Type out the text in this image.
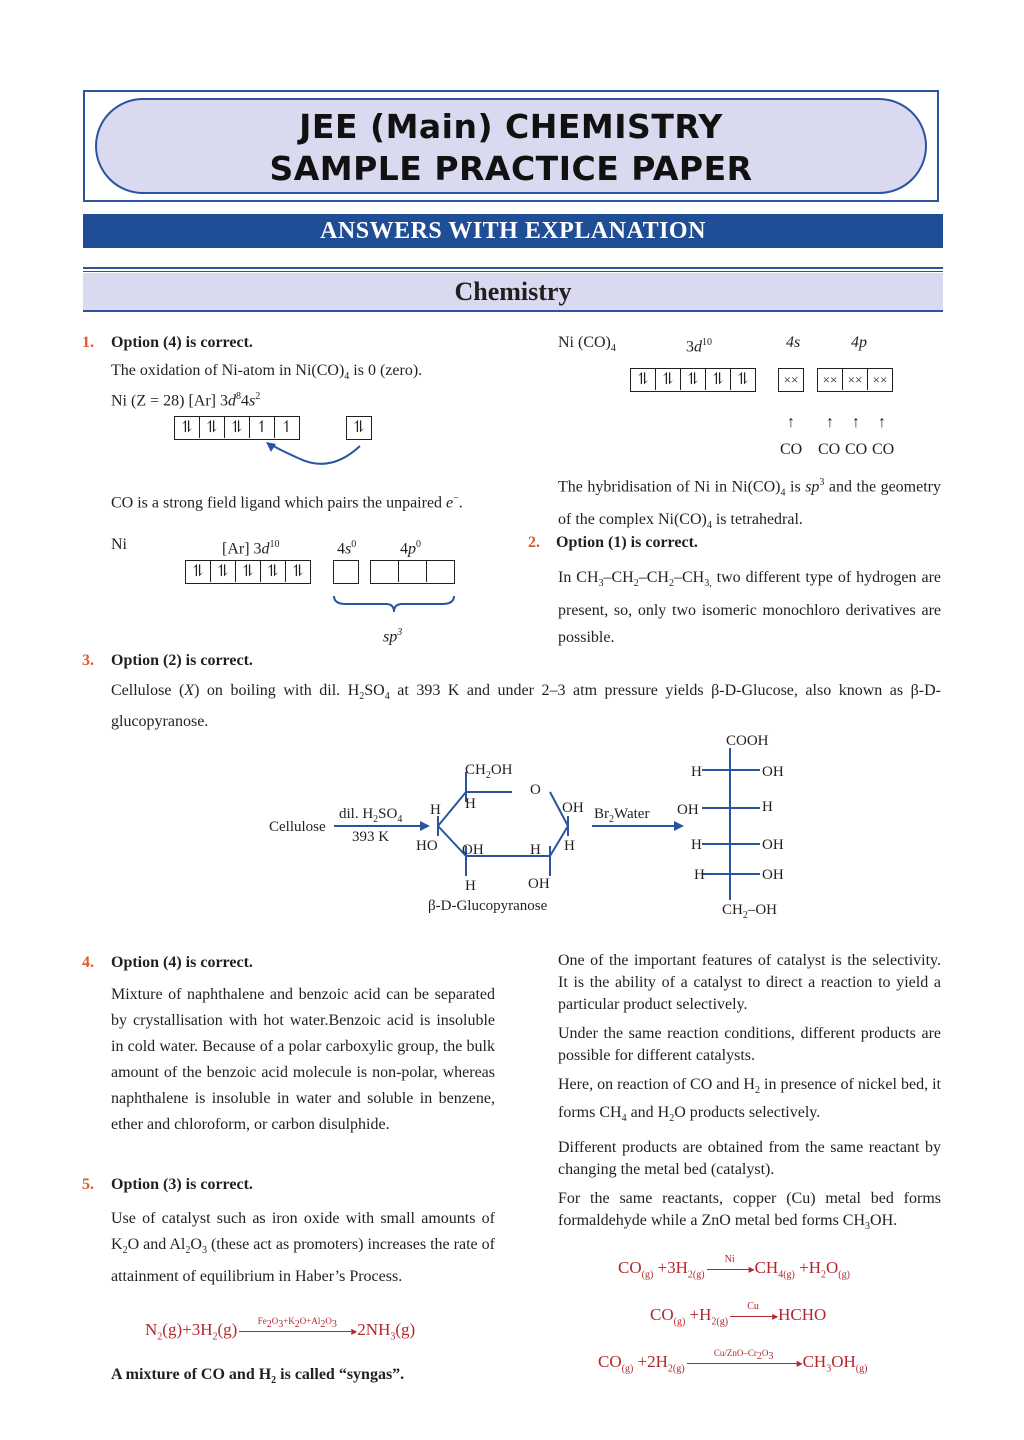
JEE (Main) CHEMISTRY
SAMPLE PRACTICE PAPER
ANSWERS WITH EXPLANATION
Chemistry
1. Option (4) is correct.
The oxidation of Ni-atom in $Ni(CO)_4$ is 0 (zero).
Ni (Z = 28) [Ar] $3d^84s^2$
⥮ ⥮ ⥮ ↿ ↿	⥮
CO is a strong field ligand which pairs the unpaired e−.
Ni	[Ar] $3d^{10}$	$4s^0$	$4p^0$
⥮ ⥮ ⥮ ⥮ ⥮
$sp^3$
Ni $(CO)_4$	$3d^{10}$	4s	4p
⥮ ⥮ ⥮ ⥮ ⥮	××	×× ×× ××
↑ ↑ ↑ ↑
CO CO CO CO
The hybridisation of Ni in $Ni(CO)_4$ is $sp^3$ and the geometry of the complex $Ni(CO)_4$ is tetrahedral.
2. Option (1) is correct.
In $CH_3-CH_2-CH_2-CH_{3,}$ two different type of hydrogen are present, so, only two isomeric monochloro derivatives are possible.
3. Option (2) is correct.
Cellulose (X) on boiling with dil. $H_2SO_4$ at 393 K and under 2–3 atm pressure yields β-D-Glucose, also known as β-D-glucopyranose.
Cellulose
dil. $H_2SO_4$
393 K
$CH_2OH$
O
H
H	OH
HO OH	H H
H	OH
β-D-Glucopyranose
$Br_2Water$
COOH
H	OH
OH	H
H	OH
H	OH
$CH_2-OH$
4. Option (4) is correct.
Mixture of naphthalene and benzoic acid can be separated by crystallisation with hot water.Benzoic acid is insoluble in cold water. Because of a polar carboxylic group, the bulk amount of the benzoic acid molecule is non-polar, whereas naphthalene is insoluble in water and soluble in benzene, ether and chloroform, or carbon disulphide.
5. Option (3) is correct.
Use of catalyst such as iron oxide with small amounts of $K_2O$ and $Al_2O_3$ (these act as promoters) increases the rate of attainment of equilibrium in Haber’s Process.
$N_2(g)+3H_2(g)$	$Fe_2O_3+K_2O+Al_2O_3$	▸ $2NH_3(g)$
A mixture of CO and $H_2$ is called “syngas”.
One of the important features of catalyst is the selectivity. It is the ability of a catalyst to direct a reaction to yield a particular product selectively.
Under the same reaction conditions, different products are possible for different catalysts.
Here, on reaction of CO and $H_2$ in presence of nickel bed, it forms $CH_4$ and $H_2O$ products selectively.
Different products are obtained from the same reactant by changing the metal bed (catalyst).
For the same reactants, copper (Cu) metal bed forms formaldehyde while a ZnO metal bed forms $CH_3OH$.
$CO_{(g)} +3H_{2(g)}$
Ni
▸ $CH_{4(g)} +H_2O_{(g)}$
$CO_{(g)} +H_{2(g)}$
Cu
▸ HCHO
$CO_{(g)} +2H_{2(g)}$
$Cu/ZnO-Cr_2O_3$	▸ $CH_3OH_{(g)}$
